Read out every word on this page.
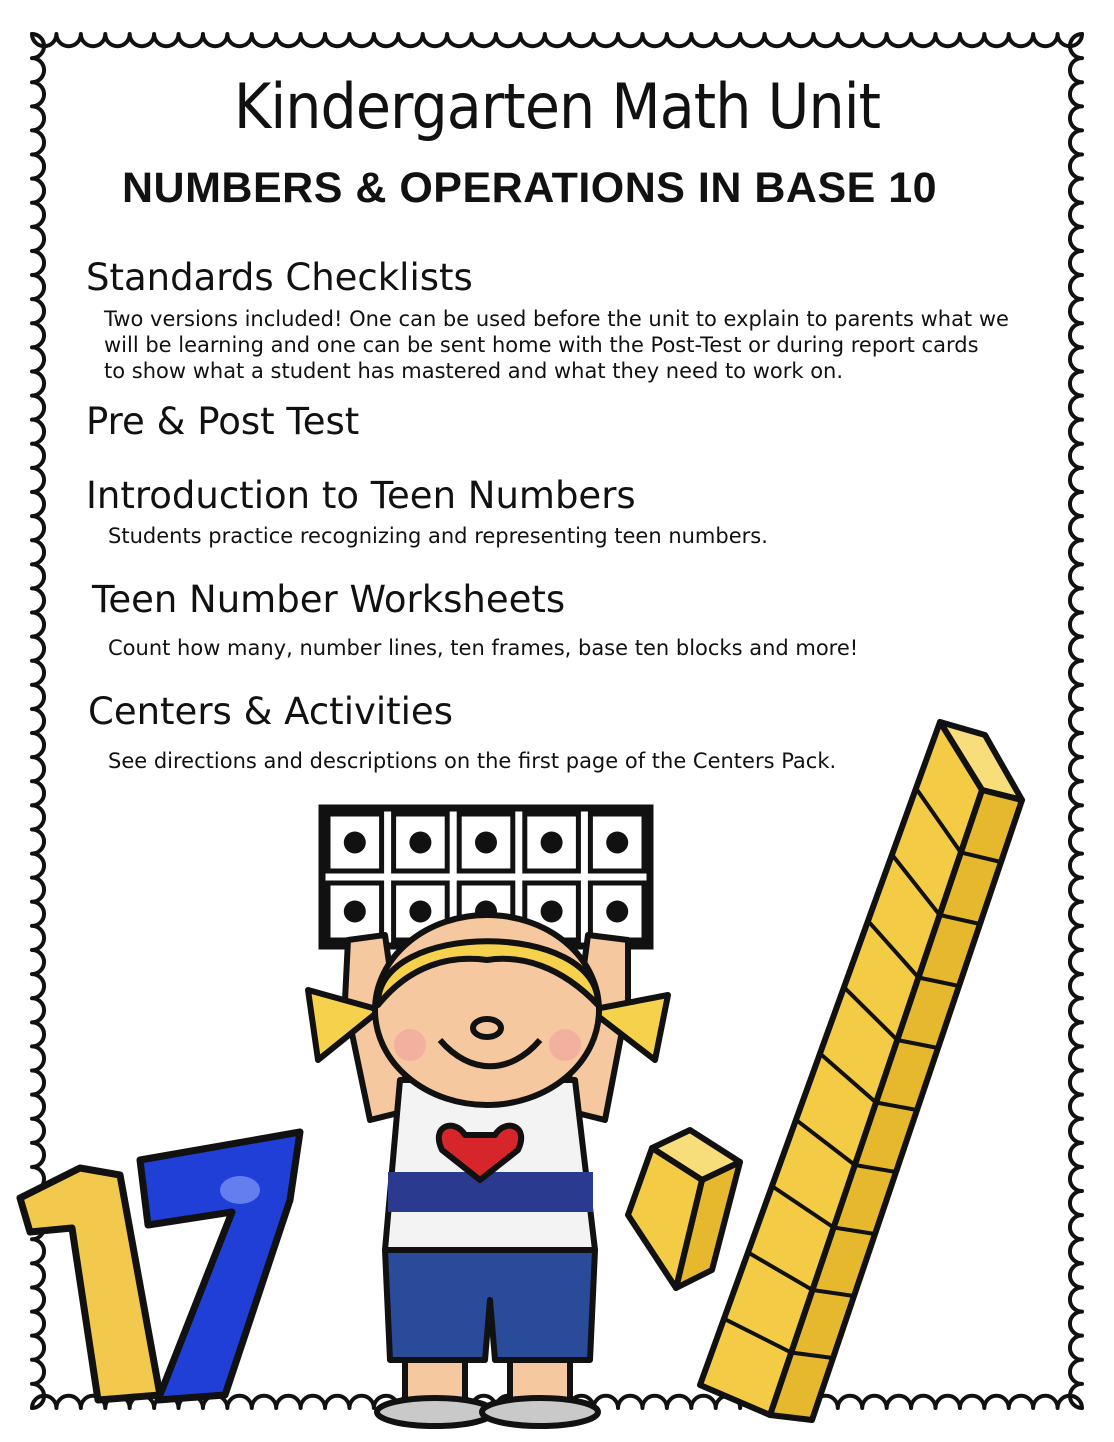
Kindergarten Math Unit
NUMBERS & OPERATIONS IN BASE 10
Standards Checklists
Two versions included! One can be used before the unit to explain to parents what we
will be learning and one can be sent home with the Post-Test or during report cards
to show what a student has mastered and what they need to work on.
Pre & Post Test
Introduction to Teen Numbers
Students practice recognizing and representing teen numbers.
Teen Number Worksheets
Count how many, number lines, ten frames, base ten blocks and more!
Centers & Activities
See directions and descriptions on the first page of the Centers Pack.
